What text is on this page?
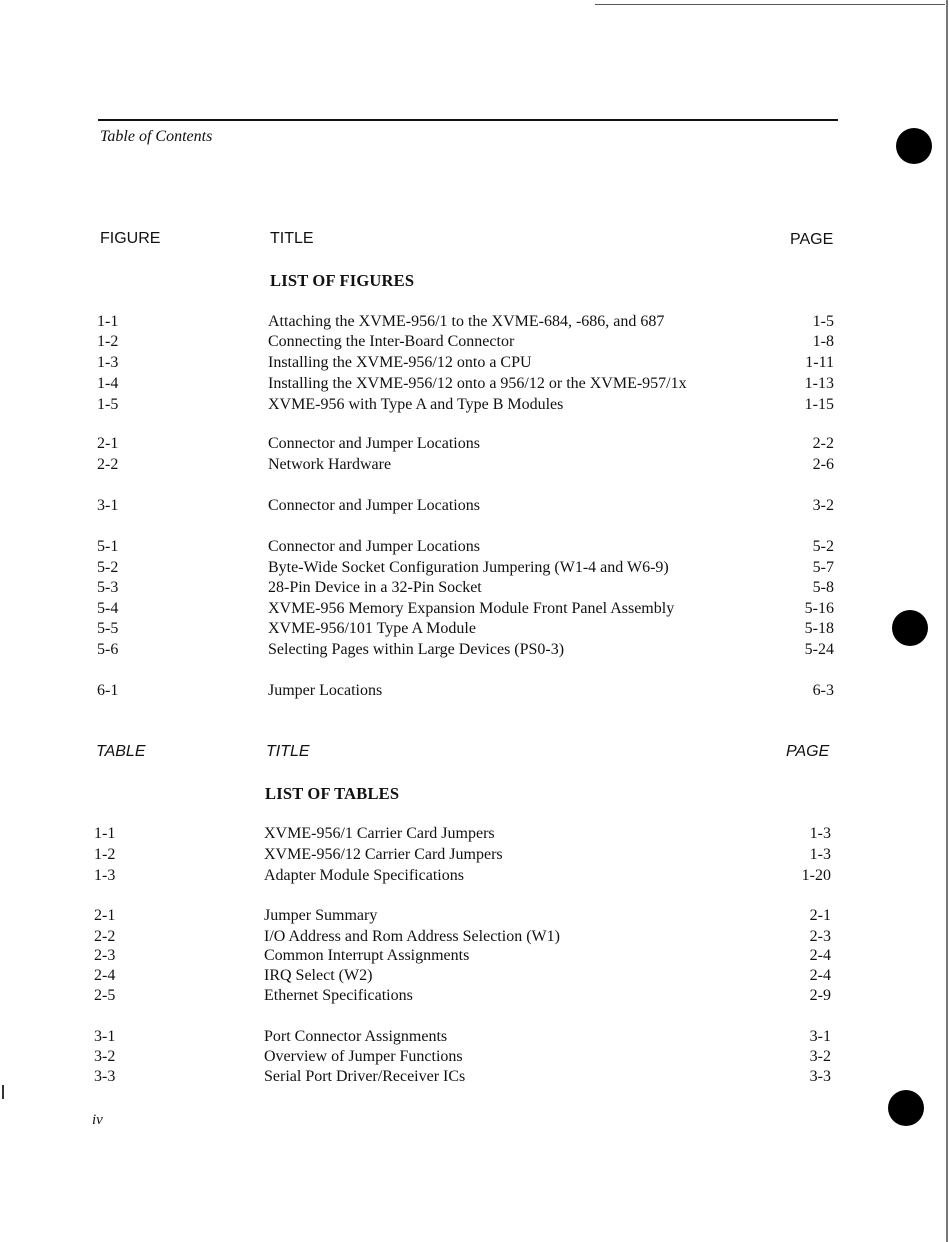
Table of Contents
FIGURE	TITLE	PAGE
LIST OF FIGURES
1-1	Attaching the XVME-956/1 to the XVME-684, -686, and 687	1-5
1-2	Connecting the Inter-Board Connector	1-8
1-3	Installing the XVME-956/12 onto a CPU	1-11
1-4	Installing the XVME-956/12 onto a 956/12 or the XVME-957/1x	1-13
1-5	XVME-956 with Type A and Type B Modules	1-15
2-1	Connector and Jumper Locations	2-2
2-2	Network Hardware	2-6
3-1	Connector and Jumper Locations	3-2
5-1	Connector and Jumper Locations	5-2
5-2	Byte-Wide Socket Configuration Jumpering (W1-4 and W6-9)	5-7
5-3	28-Pin Device in a 32-Pin Socket	5-8
5-4	XVME-956 Memory Expansion Module Front Panel Assembly	5-16
5-5	XVME-956/101 Type A Module	5-18
5-6	Selecting Pages within Large Devices (PS0-3)	5-24
6-1	Jumper Locations	6-3
TABLE	TITLE	PAGE
LIST OF TABLES
1-1	XVME-956/1 Carrier Card Jumpers	1-3
1-2	XVME-956/12 Carrier Card Jumpers	1-3
1-3	Adapter Module Specifications	1-20
2-1	Jumper Summary	2-1
2-2	I/O Address and Rom Address Selection (W1)	2-3
2-3	Common Interrupt Assignments	2-4
2-4	IRQ Select (W2)	2-4
2-5	Ethernet Specifications	2-9
3-1	Port Connector Assignments	3-1
3-2	Overview of Jumper Functions	3-2
3-3	Serial Port Driver/Receiver ICs	3-3
iv
